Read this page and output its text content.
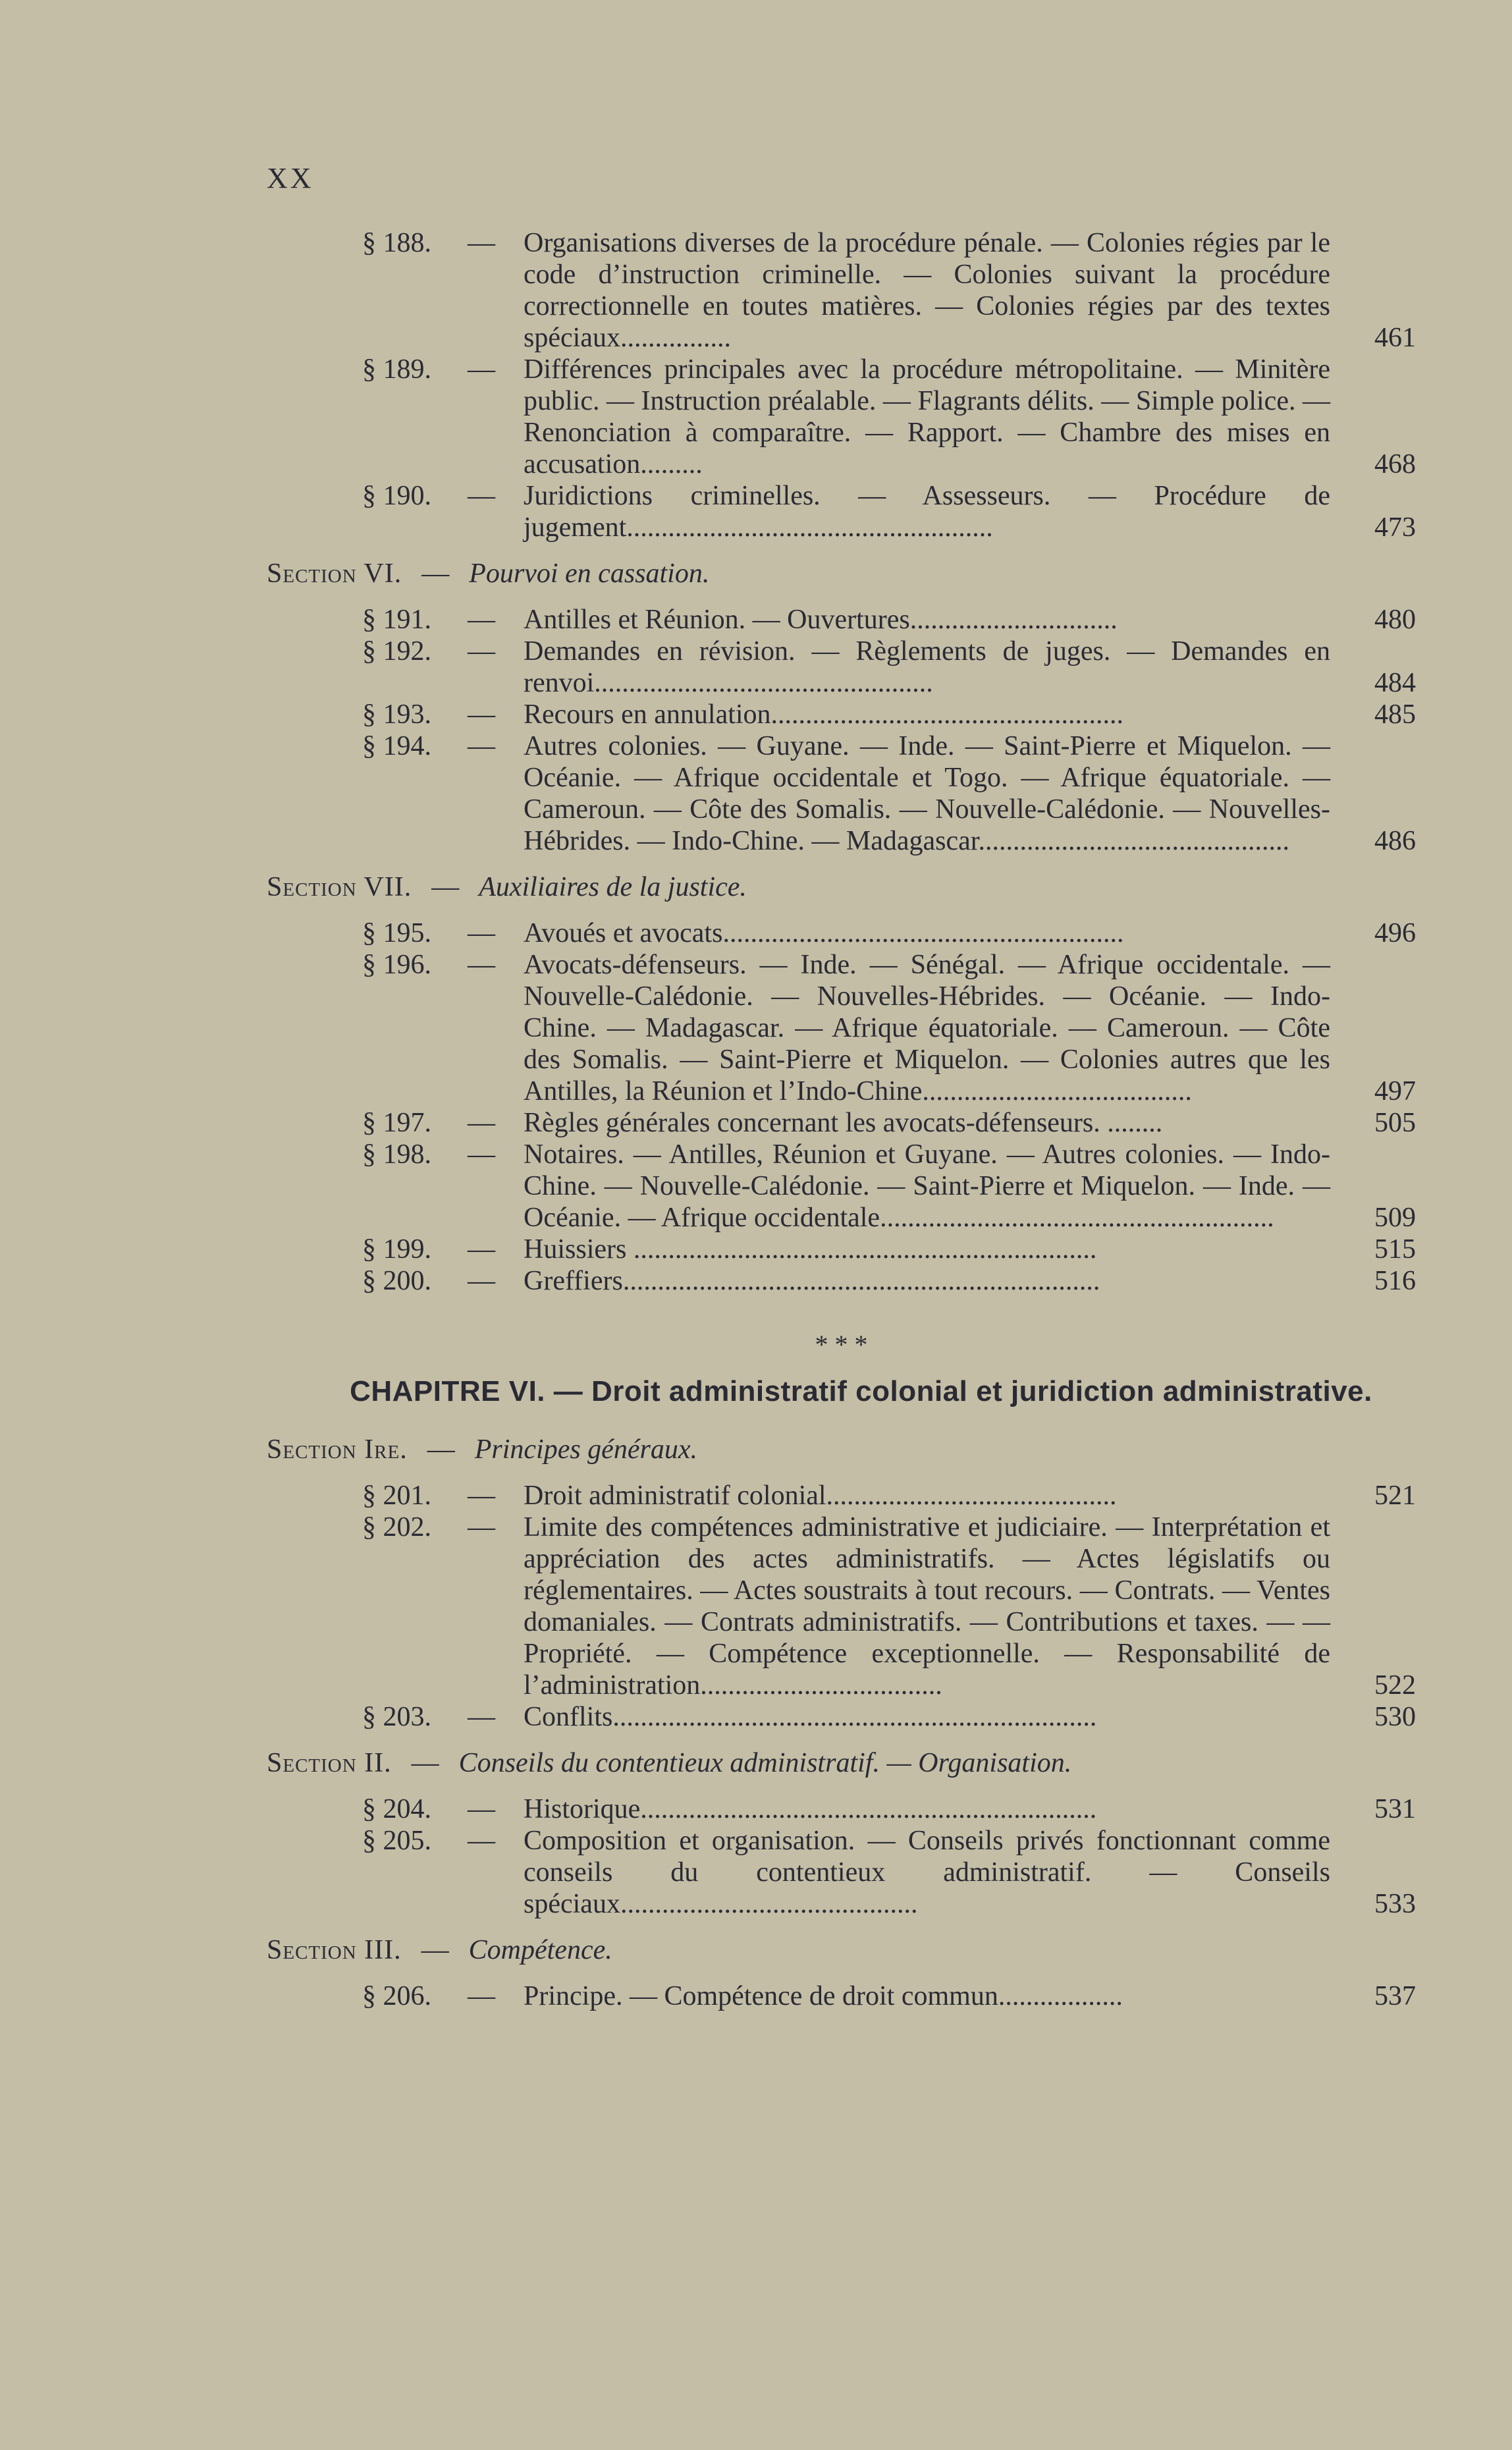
XX
§ 188. — Organisations diverses de la procédure pénale. — Colonies régies par le code d’instruction criminelle. — Colonies suivant la procédure correctionnelle en toutes matières. — Colonies régies par des textes spéciaux................	461
§ 189. — Différences principales avec la procédure métropolitaine. — Minitère public. — Instruction préalable. — Flagrants délits. — Simple police. — Renonciation à comparaître. — Rapport. — Chambre des mises en accusation.........	468
§ 190. — Juridictions criminelles. — Assesseurs. — Procédure de jugement.....................................................	473
Section VI. — Pourvoi en cassation.
§ 191. — Antilles et Réunion. — Ouvertures..............................	480
§ 192. — Demandes en révision. — Règlements de juges. — Demandes en renvoi.................................................	484
§ 193. — Recours en annulation...................................................	485
§ 194. — Autres colonies. — Guyane. — Inde. — Saint-Pierre et Miquelon. — Océanie. — Afrique occidentale et Togo. — Afrique équatoriale. — Cameroun. — Côte des Somalis. — Nouvelle-Calédonie. — Nouvelles-Hébrides. — Indo-Chine. — Madagascar.............................................	486
Section VII. — Auxiliaires de la justice.
§ 195. — Avoués et avocats..........................................................	496
§ 196. — Avocats-défenseurs. — Inde. — Sénégal. — Afrique occidentale. — Nouvelle-Calédonie. — Nouvelles-Hébrides. — Océanie. — Indo-Chine. — Madagascar. — Afrique équatoriale. — Cameroun. — Côte des Somalis. — Saint-Pierre et Miquelon. — Colonies autres que les Antilles, la Réunion et l’Indo-Chine.......................................	497
§ 197. — Règles générales concernant les avocats-défenseurs. ........	505
§ 198. — Notaires. — Antilles, Réunion et Guyane. — Autres colonies. — Indo-Chine. — Nouvelle-Calédonie. — Saint-Pierre et Miquelon. — Inde. — Océanie. — Afrique occidentale.........................................................	509
§ 199. — Huissiers ...................................................................	515
§ 200. — Greffiers.....................................................................	516
* * *
CHAPITRE VI. — Droit administratif colonial et juridiction administrative.
Section Ire. — Principes généraux.
§ 201. — Droit administratif colonial..........................................	521
§ 202. — Limite des compétences administrative et judiciaire. — Interprétation et appréciation des actes administratifs. — Actes législatifs ou réglementaires. — Actes soustraits à tout recours. — Contrats. — Ventes domaniales. — Contrats administratifs. — Contributions et taxes. — — Propriété. — Compétence exceptionnelle. — Responsabilité de l’administration...................................	522
§ 203. — Conflits......................................................................	530
Section II. — Conseils du contentieux administratif. — Organisation.
§ 204. — Historique..................................................................	531
§ 205. — Composition et organisation. — Conseils privés fonctionnant comme conseils du contentieux administratif. — Conseils spéciaux...........................................	533
Section III. — Compétence.
§ 206. — Principe. — Compétence de droit commun..................	537
